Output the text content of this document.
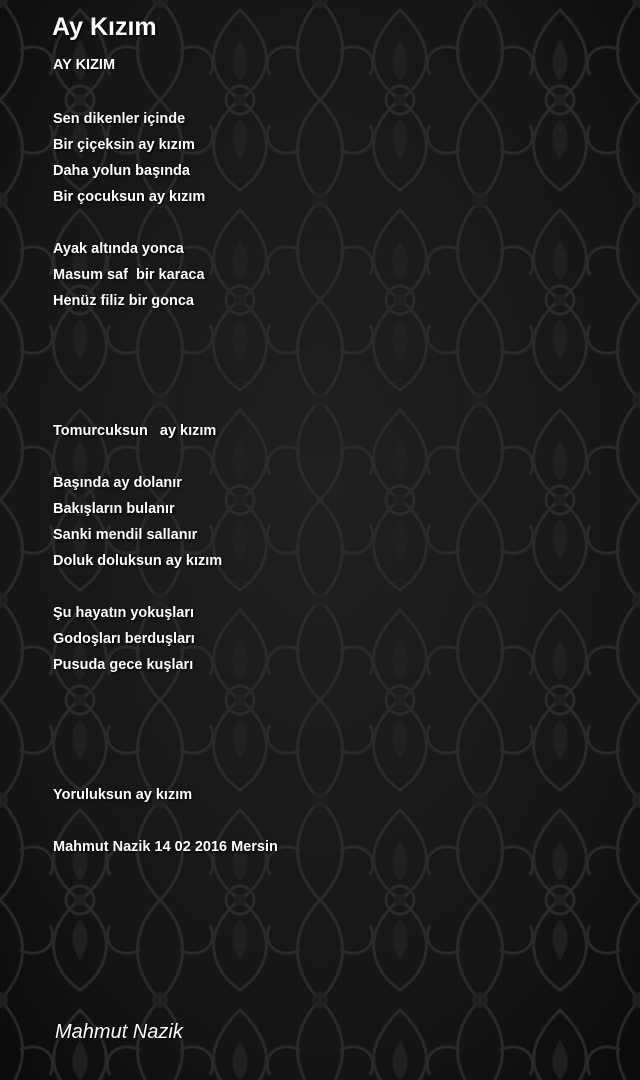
Ay Kızım

AY KIZIM

Sen dikenler içinde
Bir çiçeksin ay kızım
Daha yolun başında
Bir çocuksun ay kızım
Ayak altında yonca
Masum saf  bir karaca
Henüz filiz bir gonca
Tomurcuksun   ay kızım
Başında ay dolanır
Bakışların bulanır
Sanki mendil sallanır
Doluk doluksun ay kızım
Şu hayatın yokuşları
Godoşları berduşları
Pusuda gece kuşları
Yoruluksun ay kızım
Mahmut Nazik 14 02 2016 Mersin

Mahmut Nazik
